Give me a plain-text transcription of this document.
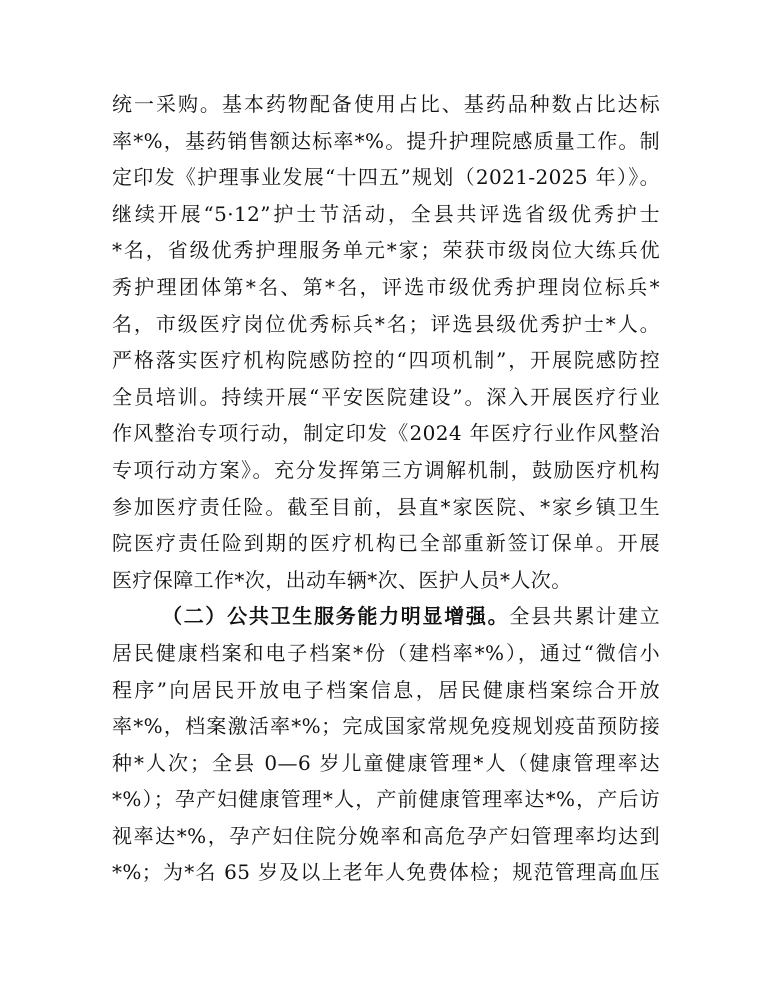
统一采购。基本药物配备使用占比、基药品种数占比达标
率*%，基药销售额达标率*%。提升护理院感质量工作。制
定印发《护理事业发展“十四五”规划（2021-2025 年）》。
继续开展“5·12”护士节活动，全县共评选省级优秀护士
*名，省级优秀护理服务单元*家；荣获市级岗位大练兵优
秀护理团体第*名、第*名，评选市级优秀护理岗位标兵*
名，市级医疗岗位优秀标兵*名；评选县级优秀护士*人。
严格落实医疗机构院感防控的“四项机制”，开展院感防控
全员培训。持续开展“平安医院建设”。深入开展医疗行业
作风整治专项行动，制定印发《2024 年医疗行业作风整治
专项行动方案》。充分发挥第三方调解机制，鼓励医疗机构
参加医疗责任险。截至目前，县直*家医院、*家乡镇卫生
院医疗责任险到期的医疗机构已全部重新签订保单。开展
医疗保障工作*次，出动车辆*次、医护人员*人次。
（二）公共卫生服务能力明显增强。全县共累计建立
居民健康档案和电子档案*份（建档率*%），通过“微信小
程序”向居民开放电子档案信息，居民健康档案综合开放
率*%，档案激活率*%；完成国家常规免疫规划疫苗预防接
种*人次；全县 0—6 岁儿童健康管理*人（健康管理率达
*%）；孕产妇健康管理*人，产前健康管理率达*%，产后访
视率达*%，孕产妇住院分娩率和高危孕产妇管理率均达到
*%；为*名 65 岁及以上老年人免费体检；规范管理高血压
